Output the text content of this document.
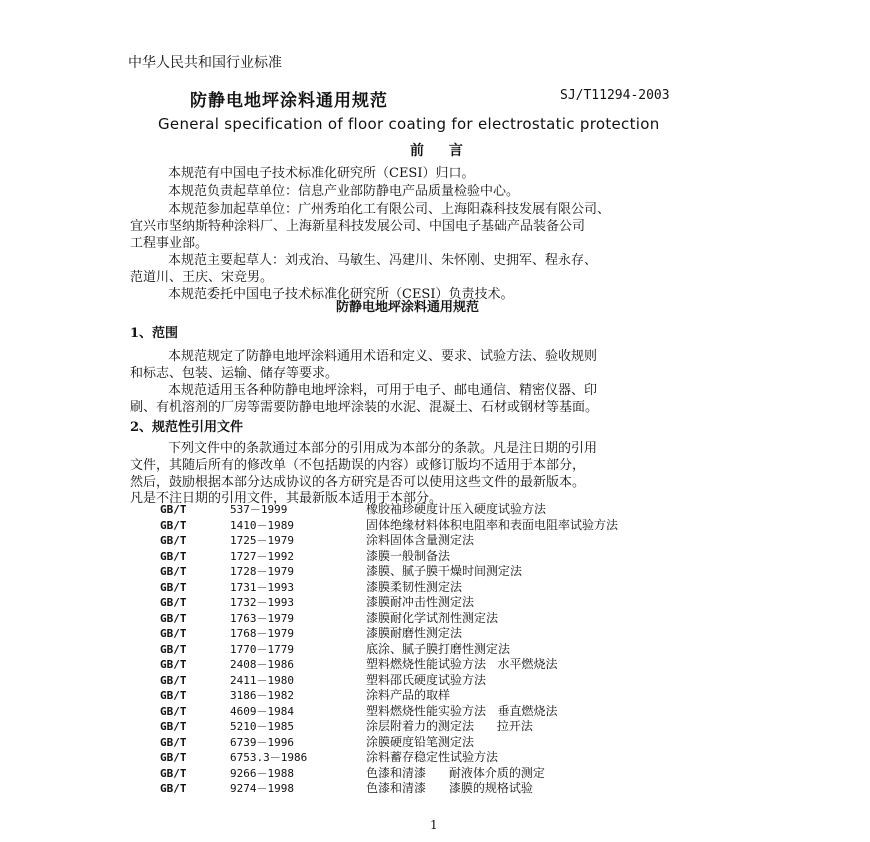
中华人民共和国行业标准
防静电地坪涂料通用规范	SJ/T11294-2003
General specification of floor coating for electrostatic protection
前 言
本规范有中国电子技术标准化研究所（CESI）归口。
本规范负责起草单位：信息产业部防静电产品质量检验中心。
本规范参加起草单位：广州秀珀化工有限公司、上海阳森科技发展有限公司、
宜兴市坚纳斯特种涂料厂、上海新星科技发展公司、中国电子基础产品装备公司
工程事业部。
本规范主要起草人：刘戎治、马敏生、冯建川、朱怀刚、史拥军、程永存、
范道川、王庆、宋竞男。
本规范委托中国电子技术标准化研究所（CESI）负责技术。
防静电地坪涂料通用规范
1、范围
本规范规定了防静电地坪涂料通用术语和定义、要求、试验方法、验收规则
和标志、包装、运输、储存等要求。
本规范适用玉各种防静电地坪涂料，可用于电子、邮电通信、精密仪器、印
刷、有机溶剂的厂房等需要防静电地坪涂装的水泥、混凝土、石材或钢材等基面。
2、规范性引用文件
下列文件中的条款通过本部分的引用成为本部分的条款。凡是注日期的引用
文件，其随后所有的修改单（不包括勘误的内容）或修订版均不适用于本部分，
然后，鼓励根据本部分达成协议的各方研究是否可以使用这些文件的最新版本。
凡是不注日期的引用文件，其最新版本适用于本部分。
GB/T	537－1999	橡胶袖珍硬度计压入硬度试验方法
GB/T	1410－1989	固体绝缘材料体积电阻率和表面电阻率试验方法
GB/T	1725－1979	涂料固体含量测定法
GB/T	1727－1992	漆膜一般制备法
GB/T	1728－1979	漆膜、腻子膜干燥时间测定法
GB/T	1731－1993	漆膜柔韧性测定法
GB/T	1732－1993	漆膜耐冲击性测定法
GB/T	1763－1979	漆膜耐化学试剂性测定法
GB/T	1768－1979	漆膜耐磨性测定法
GB/T	1770－1779	底涂、腻子膜打磨性测定法
GB/T	2408－1986	塑料燃烧性能试验方法   水平燃烧法
GB/T	2411－1980	塑料邵氏硬度试验方法
GB/T	3186－1982	涂料产品的取样
GB/T	4609－1984	塑料燃烧性能实验方法   垂直燃烧法
GB/T	5210－1985	涂层附着力的测定法      拉开法
GB/T	6739－1996	涂膜硬度铅笔测定法
GB/T	6753.3－1986	涂料蓄存稳定性试验方法
GB/T	9266－1988	色漆和清漆      耐液体介质的测定
GB/T	9274－1998	色漆和清漆      漆膜的规格试验
1
